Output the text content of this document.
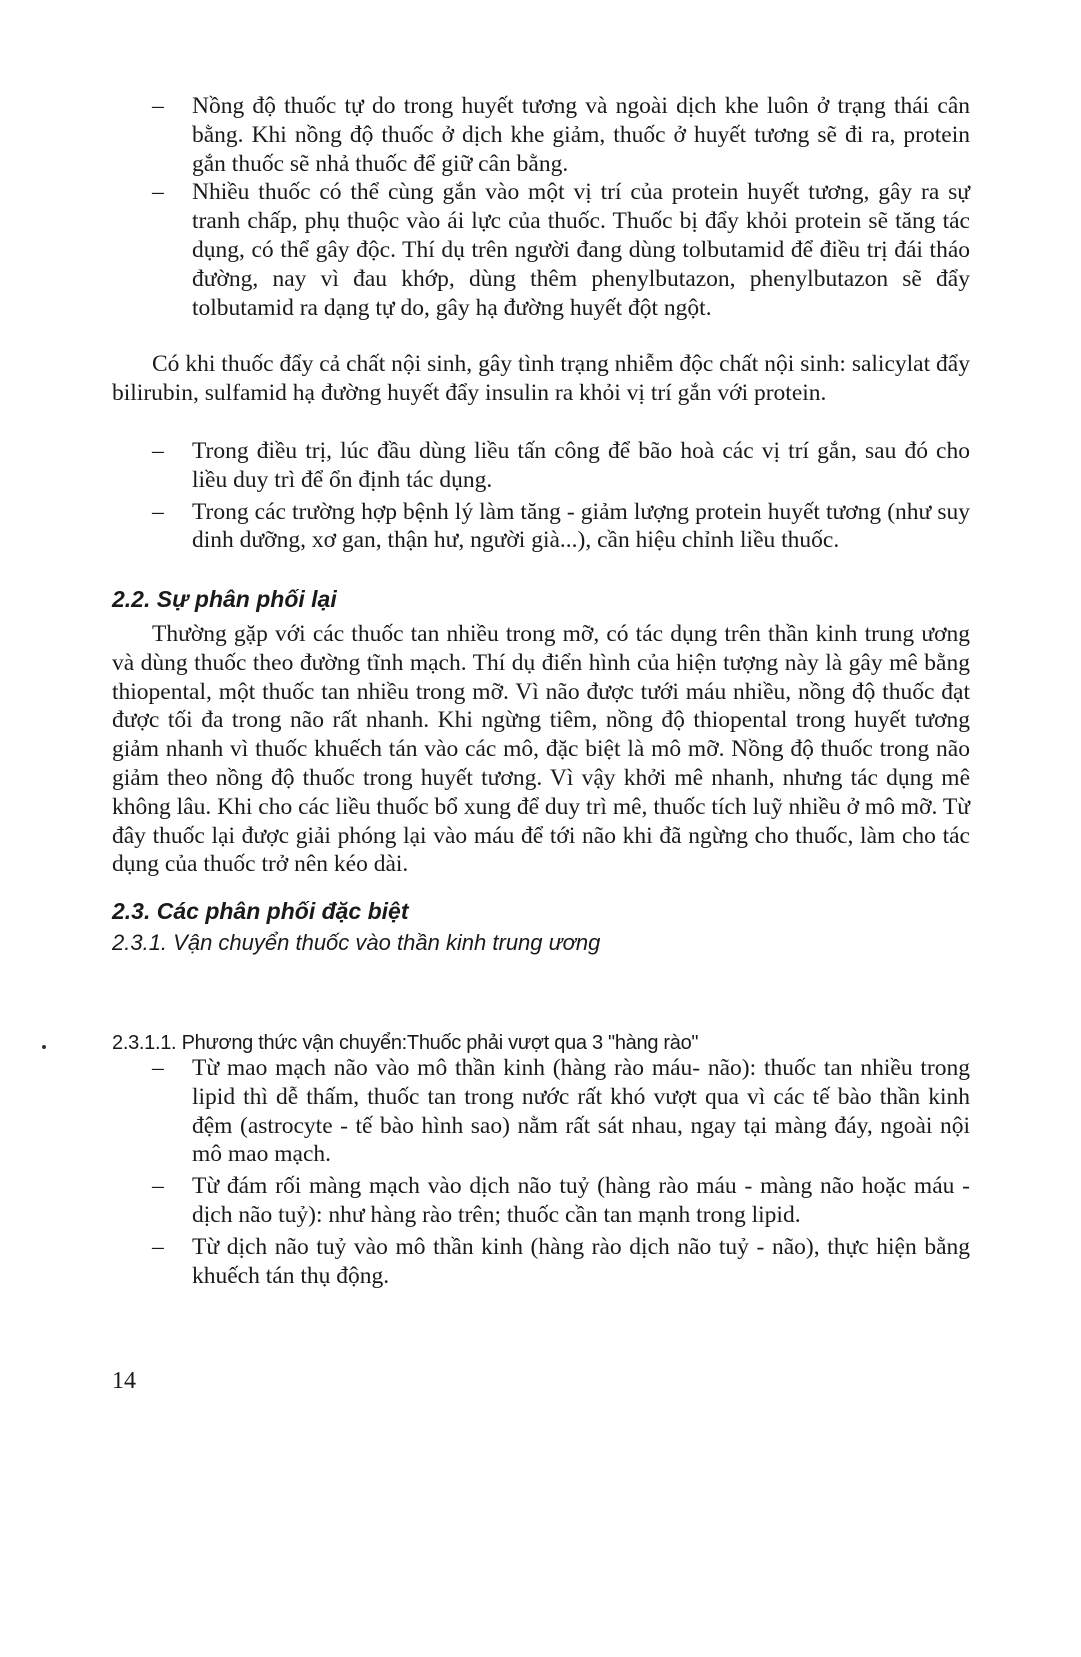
– Nồng độ thuốc tự do trong huyết tương và ngoài dịch khe luôn ở trạng thái cân bằng. Khi nồng độ thuốc ở dịch khe giảm, thuốc ở huyết tương sẽ đi ra, protein gắn thuốc sẽ nhả thuốc để giữ cân bằng.

– Nhiều thuốc có thể cùng gắn vào một vị trí của protein huyết tương, gây ra sự tranh chấp, phụ thuộc vào ái lực của thuốc. Thuốc bị đẩy khỏi protein sẽ tăng tác dụng, có thể gây độc. Thí dụ trên người đang dùng tolbutamid để điều trị đái tháo đường, nay vì đau khớp, dùng thêm phenylbutazon, phenylbutazon sẽ đẩy tolbutamid ra dạng tự do, gây hạ đường huyết đột ngột.

Có khi thuốc đẩy cả chất nội sinh, gây tình trạng nhiễm độc chất nội sinh: salicylat đẩy bilirubin, sulfamid hạ đường huyết đẩy insulin ra khỏi vị trí gắn với protein.

– Trong điều trị, lúc đầu dùng liều tấn công để bão hoà các vị trí gắn, sau đó cho liều duy trì để ổn định tác dụng.

– Trong các trường hợp bệnh lý làm tăng - giảm lượng protein huyết tương (như suy dinh dưỡng, xơ gan, thận hư, người già...), cần hiệu chỉnh liều thuốc.

2.2. Sự phân phối lại

Thường gặp với các thuốc tan nhiều trong mỡ, có tác dụng trên thần kinh trung ương và dùng thuốc theo đường tĩnh mạch. Thí dụ điển hình của hiện tượng này là gây mê bằng thiopental, một thuốc tan nhiều trong mỡ. Vì não được tưới máu nhiều, nồng độ thuốc đạt được tối đa trong não rất nhanh. Khi ngừng tiêm, nồng độ thiopental trong huyết tương giảm nhanh vì thuốc khuếch tán vào các mô, đặc biệt là mô mỡ. Nồng độ thuốc trong não giảm theo nồng độ thuốc trong huyết tương. Vì vậy khởi mê nhanh, nhưng tác dụng mê không lâu. Khi cho các liều thuốc bổ xung để duy trì mê, thuốc tích luỹ nhiều ở mô mỡ. Từ đây thuốc lại được giải phóng lại vào máu để tới não khi đã ngừng cho thuốc, làm cho tác dụng của thuốc trở nên kéo dài.

2.3. Các phân phối đặc biệt

2.3.1. Vận chuyển thuốc vào thần kinh trung ương

2.3.1.1. Phương thức vận chuyển:Thuốc phải vượt qua 3 "hàng rào"

– Từ mao mạch não vào mô thần kinh (hàng rào máu- não): thuốc tan nhiều trong lipid thì dễ thấm, thuốc tan trong nước rất khó vượt qua vì các tế bào thần kinh đệm (astrocyte - tế bào hình sao) nằm rất sát nhau, ngay tại màng đáy, ngoài nội mô mao mạch.

– Từ đám rối màng mạch vào dịch não tuỷ (hàng rào máu - màng não hoặc máu - dịch não tuỷ): như hàng rào trên; thuốc cần tan mạnh trong lipid.

– Từ dịch não tuỷ vào mô thần kinh (hàng rào dịch não tuỷ - não), thực hiện bằng khuếch tán thụ động.

14
